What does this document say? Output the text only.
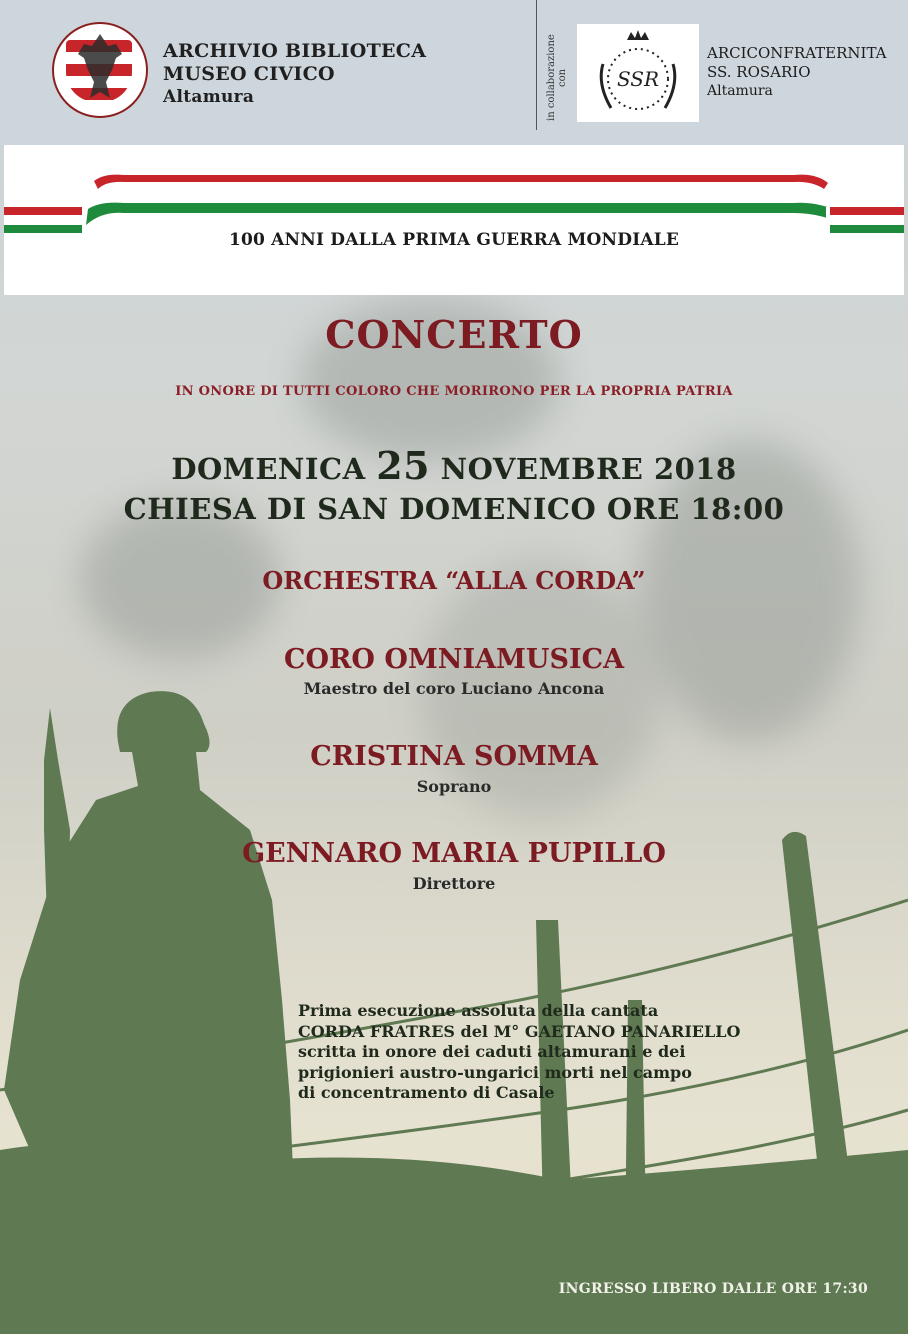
ARCHIVIO BIBLIOTECA
MUSEO CIVICO
Altamura	in collaborazione con SSR
ARCICONFRATERNITA
SS. ROSARIO
Altamura
100 ANNI DALLA PRIMA GUERRA MONDIALE
CONCERTO
IN ONORE DI TUTTI COLORO CHE MORIRONO PER LA PROPRIA PATRIA
DOMENICA 25 NOVEMBRE 2018
CHIESA DI SAN DOMENICO ORE 18:00
ORCHESTRA “ALLA CORDA”
CORO OMNIAMUSICA
Maestro del coro Luciano Ancona
CRISTINA SOMMA
Soprano
GENNARO MARIA PUPILLO
Direttore
Prima esecuzione assoluta della cantata
CORDA FRATRES del M° GAETANO PANARIELLO
scritta in onore dei caduti altamurani e dei
prigionieri austro-ungarici morti nel campo
di concentramento di Casale
INGRESSO LIBERO DALLE ORE 17:30
